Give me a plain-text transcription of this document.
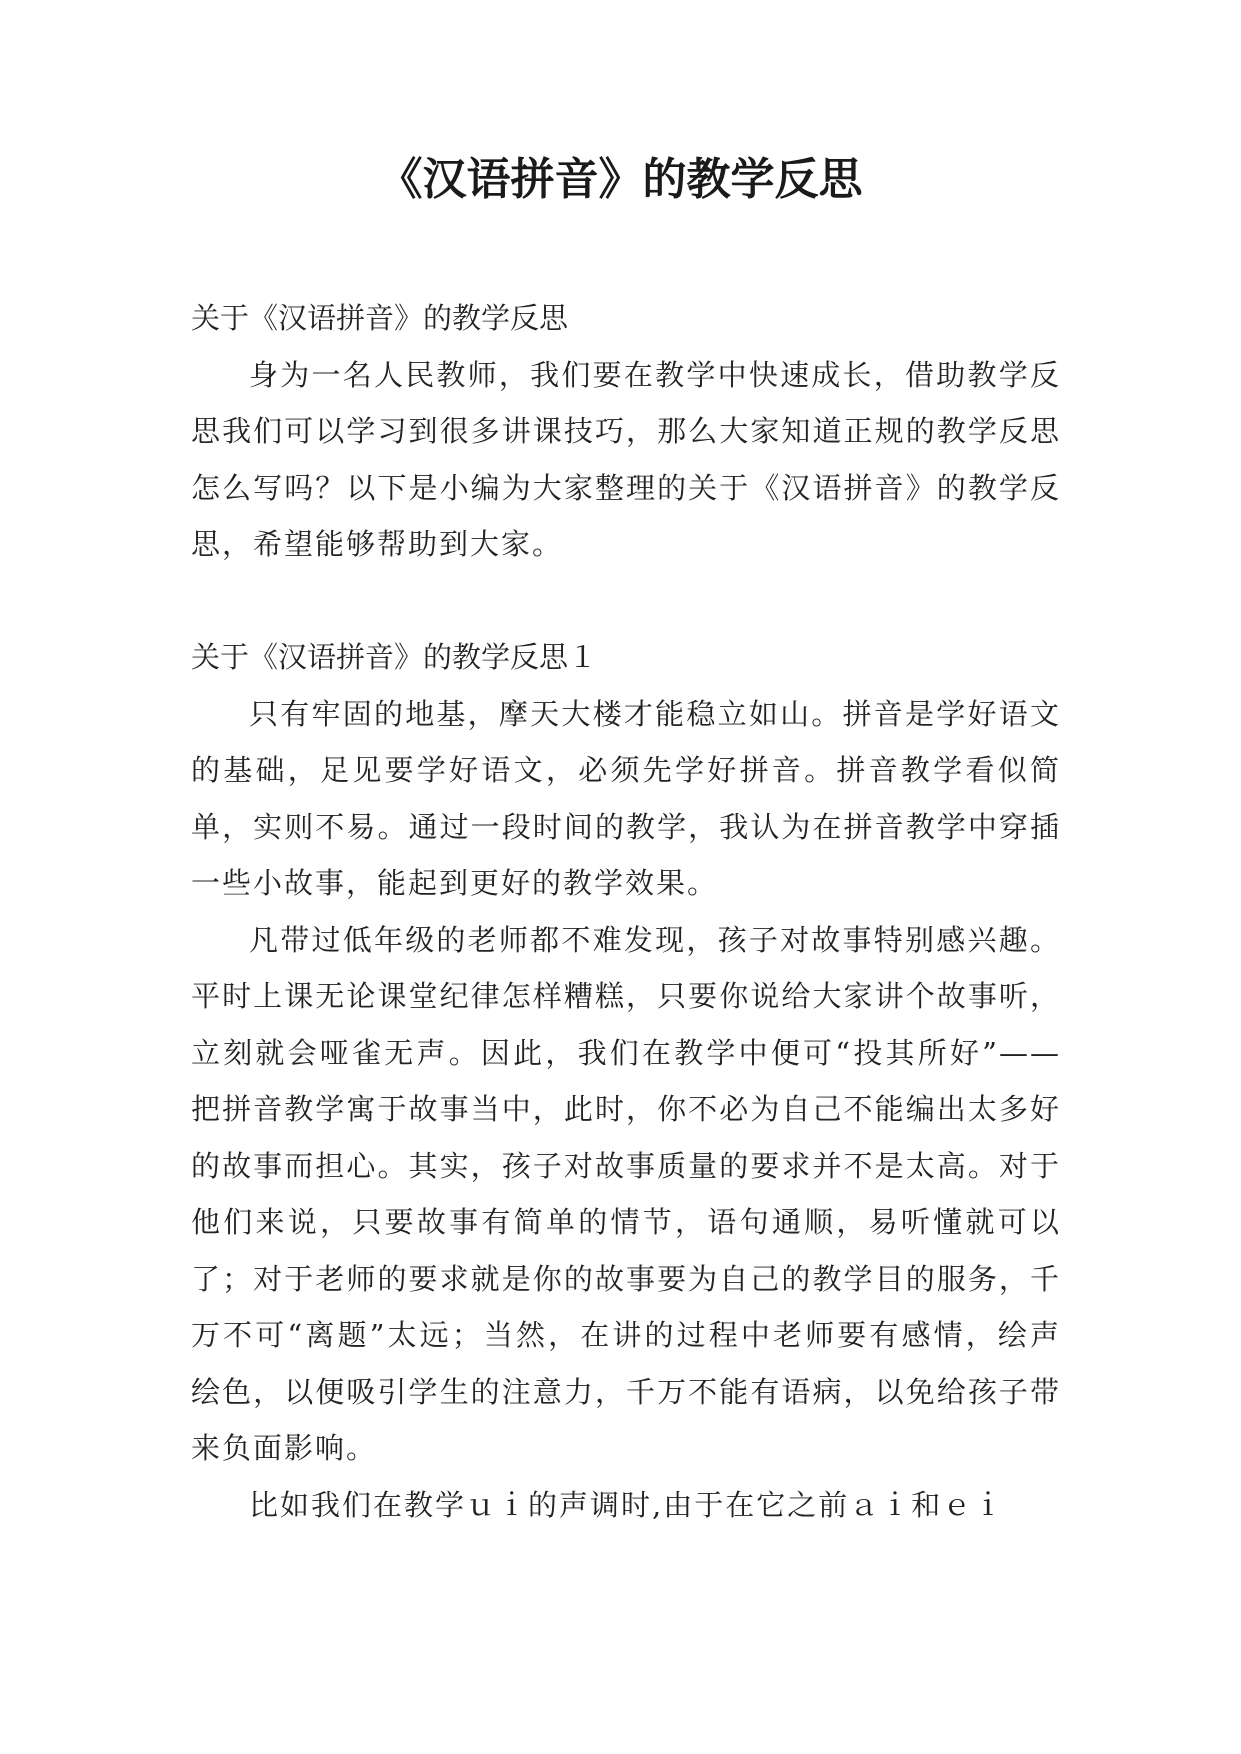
《汉语拼音》的教学反思

关于《汉语拼音》的教学反思

身为一名人民教师，我们要在教学中快速成长，借助教学反思我们可以学习到很多讲课技巧，那么大家知道正规的教学反思怎么写吗？以下是小编为大家整理的关于《汉语拼音》的教学反思，希望能够帮助到大家。

关于《汉语拼音》的教学反思１

只有牢固的地基，摩天大楼才能稳立如山。拼音是学好语文的基础，足见要学好语文，必须先学好拼音。拼音教学看似简单，实则不易。通过一段时间的教学，我认为在拼音教学中穿插一些小故事，能起到更好的教学效果。

凡带过低年级的老师都不难发现，孩子对故事特别感兴趣。平时上课无论课堂纪律怎样糟糕，只要你说给大家讲个故事听，立刻就会哑雀无声。因此，我们在教学中便可“投其所好”——把拼音教学寓于故事当中，此时，你不必为自己不能编出太多好的故事而担心。其实，孩子对故事质量的要求并不是太高。对于他们来说，只要故事有简单的情节，语句通顺，易听懂就可以了；对于老师的要求就是你的故事要为自己的教学目的服务，千万不可“离题”太远；当然，在讲的过程中老师要有感情，绘声绘色，以便吸引学生的注意力，千万不能有语病，以免给孩子带来负面影响。

比如我们在教学ｕｉ的声调时,由于在它之前ａｉ和ｅｉ
